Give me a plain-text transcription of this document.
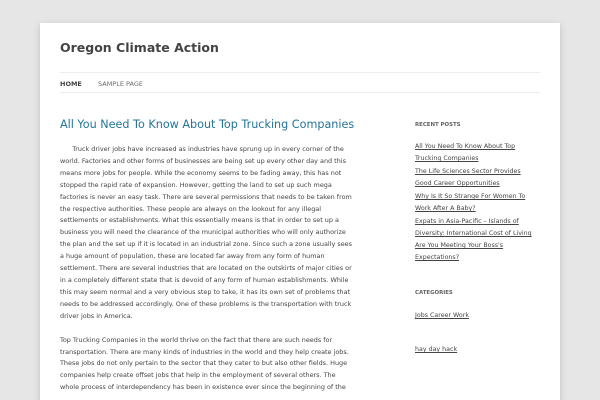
Oregon Climate Action
HOME SAMPLE PAGE
All You Need To Know About Top Trucking Companies

Truck driver jobs have increased as industries have sprung up in every corner of the

world. Factories and other forms of businesses are being set up every other day and this

means more jobs for people. While the economy seems to be fading away, this has not

stopped the rapid rate of expansion. However, getting the land to set up such mega

factories is never an easy task. There are several permissions that needs to be taken from

the respective authorities. These people are always on the lookout for any illegal

settlements or establishments. What this essentially means is that in order to set up a

business you will need the clearance of the municipal authorities who will only authorize

the plan and the set up if it is located in an industrial zone. Since such a zone usually sees

a huge amount of population, these are located far away from any form of human

settlement. There are several industries that are located on the outskirts of major cities or

in a completely different state that is devoid of any form of human establishments. While

this may seem normal and a very obvious step to take, it has its own set of problems that

needs to be addressed accordingly. One of these problems is the transportation with truck

driver jobs in America.

Top Trucking Companies in the world thrive on the fact that there are such needs for

transportation. There are many kinds of industries in the world and they help create jobs.

These jobs do not only pertain to the sector that they cater to but also other fields. Huge

companies help create offset jobs that help in the employment of several others. The

whole process of interdependency has been in existence ever since the beginning of the

RECENT POSTS
All You Need To Know About Top
Trucking Companies
The Life Sciences Sector Provides
Good Career Opportunities
Why Is It So Strange For Women To
Work After A Baby?
Expats in Asia-Pacific – Islands of
Diversity: International Cost of Living
Are You Meeting Your Boss's
Expectations?
CATEGORIES
Jobs Career Work
hay day hack
